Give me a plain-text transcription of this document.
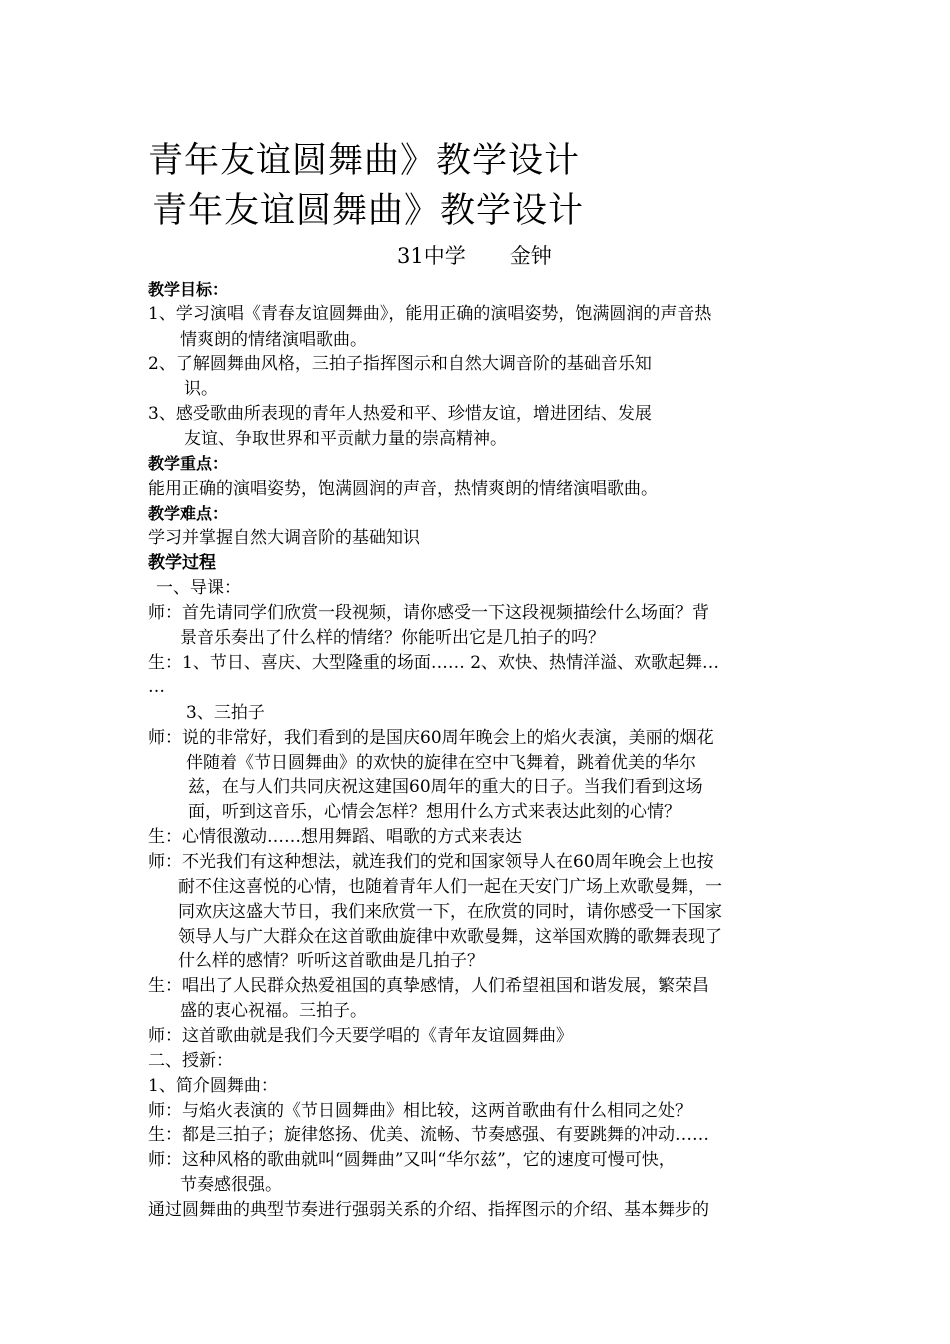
青年友谊圆舞曲》教学设计
青年友谊圆舞曲》教学设计
31中学 金钟
教学目标：
1、学习演唱《青春友谊圆舞曲》，能用正确的演唱姿势，饱满圆润的声音热
情爽朗的情绪演唱歌曲。
2、了解圆舞曲风格，三拍子指挥图示和自然大调音阶的基础音乐知
识。
3、感受歌曲所表现的青年人热爱和平、珍惜友谊，增进团结、发展
友谊、争取世界和平贡献力量的崇高精神。
教学重点：
能用正确的演唱姿势，饱满圆润的声音，热情爽朗的情绪演唱歌曲。
教学难点：
学习并掌握自然大调音阶的基础知识
教学过程
一、导课：
师：首先请同学们欣赏一段视频，请你感受一下这段视频描绘什么场面？背
景音乐奏出了什么样的情绪？你能听出它是几拍子的吗？
生：1、节日、喜庆、大型隆重的场面…… 2、欢快、热情洋溢、欢歌起舞…
…
3、三拍子
师：说的非常好，我们看到的是国庆60周年晚会上的焰火表演，美丽的烟花
伴随着《节日圆舞曲》的欢快的旋律在空中飞舞着，跳着优美的华尔
兹，在与人们共同庆祝这建国60周年的重大的日子。当我们看到这场
面，听到这音乐，心情会怎样？想用什么方式来表达此刻的心情？
生：心情很激动……想用舞蹈、唱歌的方式来表达
师：不光我们有这种想法，就连我们的党和国家领导人在60周年晚会上也按
耐不住这喜悦的心情，也随着青年人们一起在天安门广场上欢歌曼舞，一
同欢庆这盛大节日，我们来欣赏一下，在欣赏的同时，请你感受一下国家
领导人与广大群众在这首歌曲旋律中欢歌曼舞，这举国欢腾的歌舞表现了
什么样的感情？听听这首歌曲是几拍子？
生：唱出了人民群众热爱祖国的真挚感情，人们希望祖国和谐发展，繁荣昌
盛的衷心祝福。三拍子。
师：这首歌曲就是我们今天要学唱的《青年友谊圆舞曲》
二、授新：
1、简介圆舞曲：
师：与焰火表演的《节日圆舞曲》相比较，这两首歌曲有什么相同之处？
生：都是三拍子；旋律悠扬、优美、流畅、节奏感强、有要跳舞的冲动……
师：这种风格的歌曲就叫“圆舞曲”又叫“华尔兹”，它的速度可慢可快，
节奏感很强。
通过圆舞曲的典型节奏进行强弱关系的介绍、指挥图示的介绍、基本舞步的
